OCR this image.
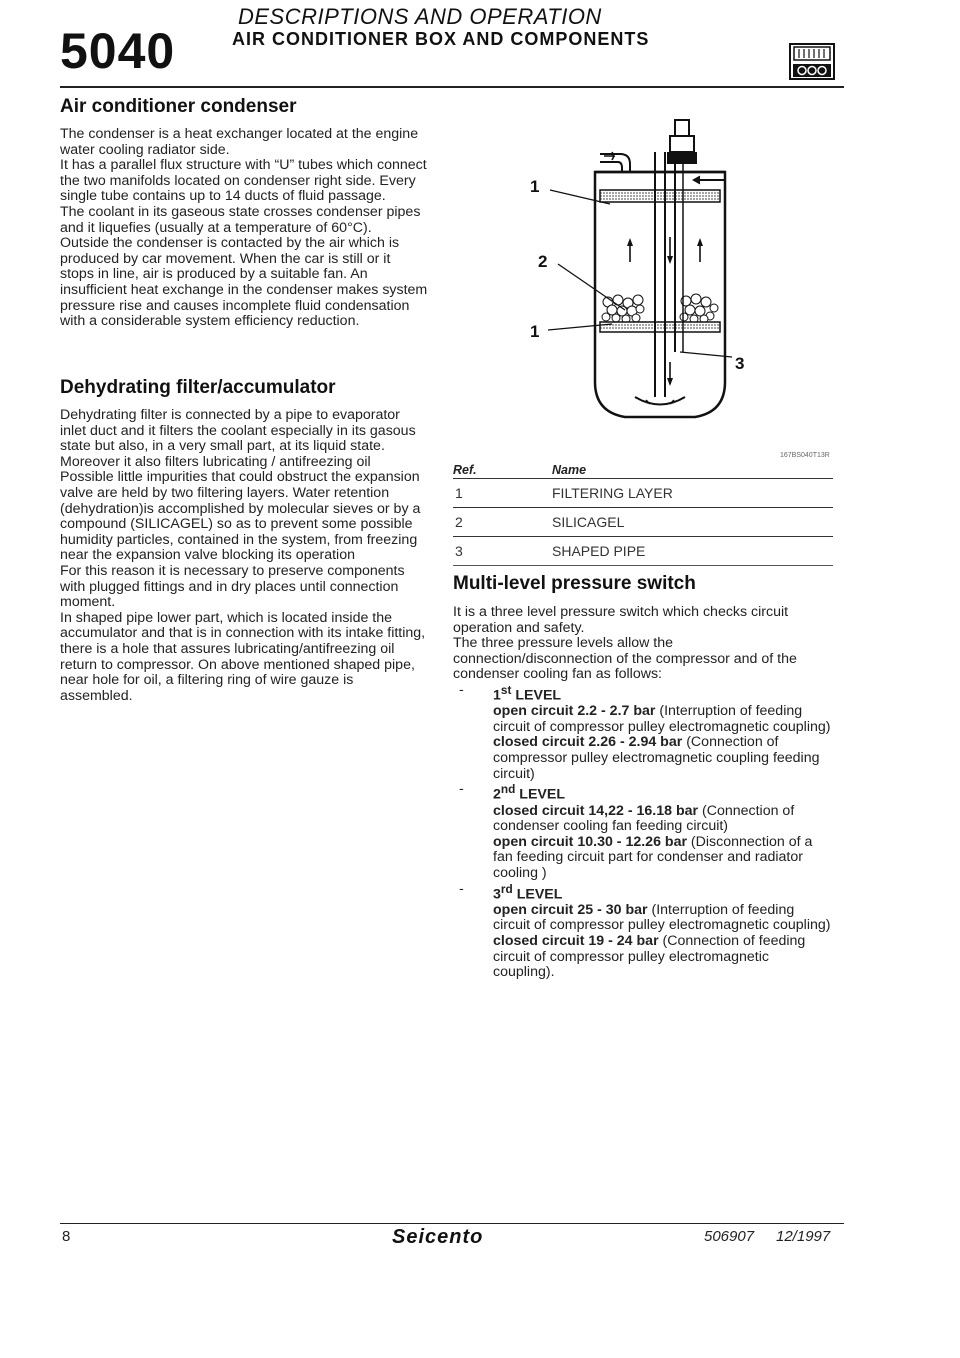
5040
DESCRIPTIONS AND OPERATION
AIR CONDITIONER BOX AND COMPONENTS
Air conditioner condenser

The condenser is a heat exchanger located at the engine water cooling radiator side.

It has a parallel flux structure with “U” tubes which connect the two manifolds located on condenser right side. Every single tube contains up to 14 ducts of fluid passage.

The coolant in its gaseous state crosses condenser pipes and it liquefies (usually at a temperature of 60°C).

Outside the condenser is contacted by the air which is produced by car movement. When the car is still or it stops in line, air is produced by a suitable fan. An insufficient heat exchange in the condenser makes system pressure rise and causes incomplete fluid condensation with a considerable system efficiency reduction.

Dehydrating filter/accumulator

Dehydrating filter is connected by a pipe to evaporator inlet duct and it filters the coolant especially in its gasous state but also, in a very small part, at its liquid state. Moreover it also filters lubricating / antifreezing oil

Possible little impurities that could obstruct the expansion valve are held by two filtering layers. Water retention (dehydration)is accomplished by molecular sieves or by a compound (SILICAGEL) so as to prevent some possible humidity particles, contained in the system, from freezing near the expansion valve blocking its operation

For this reason it is necessary to preserve components with plugged fittings and in dry places until connection moment.

In shaped pipe lower part, which is located inside the accumulator and that is in connection with its intake fitting, there is a hole that assures lubricating/antifreezing oil return to compressor. On above mentioned shaped pipe, near hole for oil, a filtering ring of wire gauze is assembled.

1
2
1
3
167BS040T13R
Ref.	Name
1	FILTERING LAYER
2	SILICAGEL
3	SHAPED PIPE
Multi-level pressure switch

It is a three level pressure switch which checks circuit operation and safety.

The three pressure levels allow the connection/disconnection of the compressor and of the condenser cooling fan as follows:

- 1st LEVEL

open circuit 2.2 - 2.7 bar (Interruption of feeding circuit of compressor pulley electromagnetic coupling)

closed circuit 2.26 - 2.94 bar (Connection of compressor pulley electromagnetic coupling feeding circuit)

- 2nd LEVEL

closed circuit 14,22 - 16.18 bar (Connection of condenser cooling fan feeding circuit)

open circuit 10.30 - 12.26 bar (Disconnection of a fan feeding circuit part for condenser and radiator cooling )

- 3rd LEVEL

open circuit 25 - 30 bar (Interruption of feeding circuit of compressor pulley electromagnetic coupling)

closed circuit 19 - 24 bar (Connection of feeding circuit of compressor pulley electromagnetic coupling).

8	Seicento	506907 12/1997
